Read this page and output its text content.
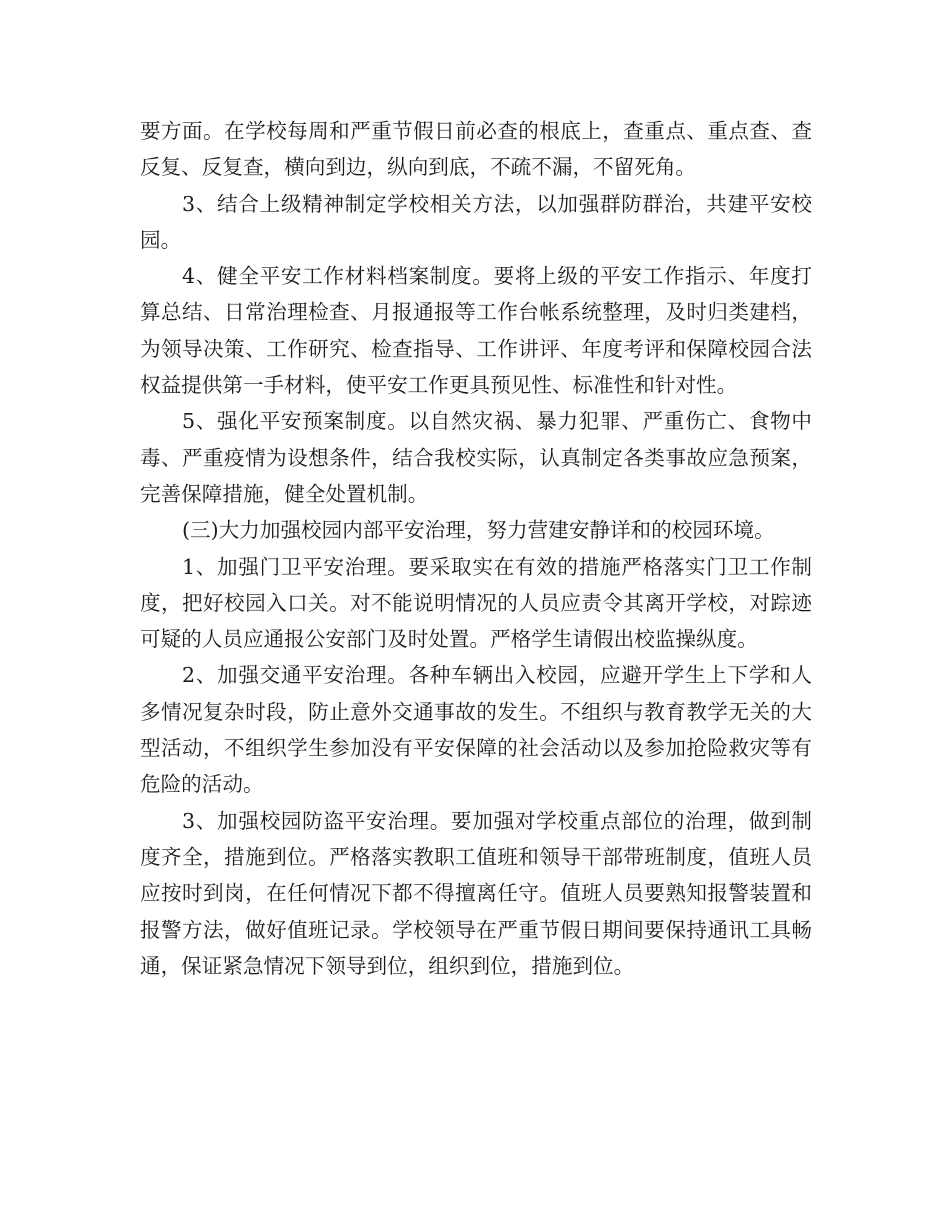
要方面。在学校每周和严重节假日前必查的根底上，查重点、重点查、查反复、反复查，横向到边，纵向到底，不疏不漏，不留死角。

3、结合上级精神制定学校相关方法，以加强群防群治，共建平安校园。

4、健全平安工作材料档案制度。要将上级的平安工作指示、年度打算总结、日常治理检查、月报通报等工作台帐系统整理，及时归类建档，为领导决策、工作研究、检查指导、工作讲评、年度考评和保障校园合法权益提供第一手材料，使平安工作更具预见性、标准性和针对性。

5、强化平安预案制度。以自然灾祸、暴力犯罪、严重伤亡、食物中毒、严重疫情为设想条件，结合我校实际，认真制定各类事故应急预案，完善保障措施，健全处置机制。

(三)大力加强校园内部平安治理，努力营建安静详和的校园环境。

1、加强门卫平安治理。要采取实在有效的措施严格落实门卫工作制度，把好校园入口关。对不能说明情况的人员应责令其离开学校，对踪迹可疑的人员应通报公安部门及时处置。严格学生请假出校监操纵度。

2、加强交通平安治理。各种车辆出入校园，应避开学生上下学和人多情况复杂时段，防止意外交通事故的发生。不组织与教育教学无关的大型活动，不组织学生参加没有平安保障的社会活动以及参加抢险救灾等有危险的活动。

3、加强校园防盗平安治理。要加强对学校重点部位的治理，做到制度齐全，措施到位。严格落实教职工值班和领导干部带班制度，值班人员应按时到岗，在任何情况下都不得擅离任守。值班人员要熟知报警装置和报警方法，做好值班记录。学校领导在严重节假日期间要保持通讯工具畅通，保证紧急情况下领导到位，组织到位，措施到位。
